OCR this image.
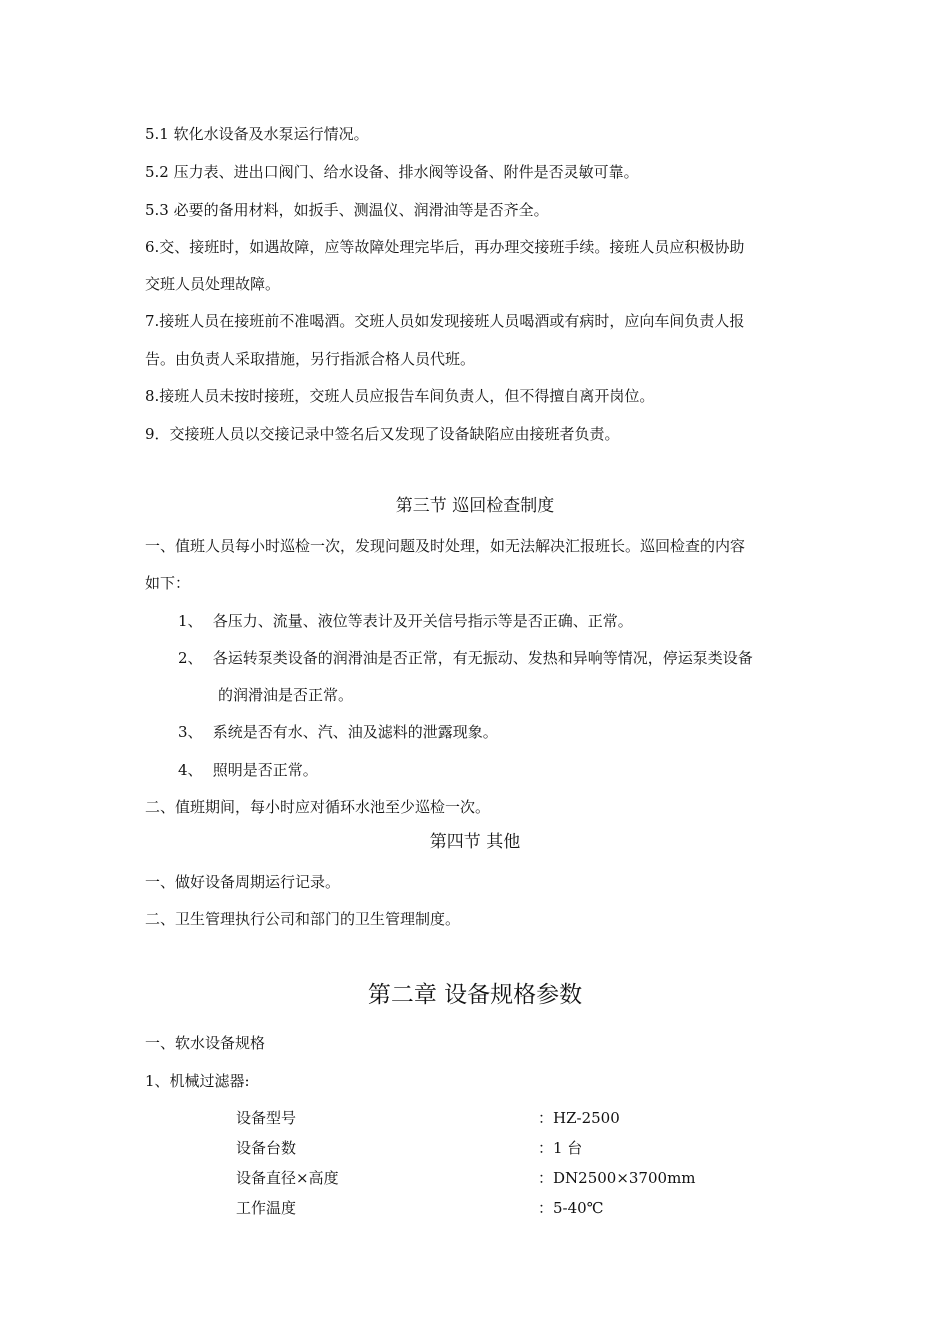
5.1 软化水设备及水泵运行情况。
5.2 压力表、进出口阀门、给水设备、排水阀等设备、附件是否灵敏可靠。
5.3 必要的备用材料，如扳手、测温仪、润滑油等是否齐全。
6.交、接班时，如遇故障，应等故障处理完毕后，再办理交接班手续。接班人员应积极协助
交班人员处理故障。
7.接班人员在接班前不准喝酒。交班人员如发现接班人员喝酒或有病时，应向车间负责人报
告。由负责人采取措施，另行指派合格人员代班。
8.接班人员未按时接班，交班人员应报告车间负责人，但不得擅自离开岗位。
9．交接班人员以交接记录中签名后又发现了设备缺陷应由接班者负责。
第三节 巡回检查制度
一、值班人员每小时巡检一次，发现问题及时处理，如无法解决汇报班长。巡回检查的内容
如下：
1、 各压力、流量、液位等表计及开关信号指示等是否正确、正常。
2、 各运转泵类设备的润滑油是否正常，有无振动、发热和异响等情况，停运泵类设备
的润滑油是否正常。
3、 系统是否有水、汽、油及滤料的泄露现象。
4、 照明是否正常。
二、值班期间，每小时应对循环水池至少巡检一次。
第四节 其他
一、做好设备周期运行记录。
二、卫生管理执行公司和部门的卫生管理制度。
第二章 设备规格参数
一、软水设备规格
1、机械过滤器:
设备型号	：HZ-2500
设备台数	：1 台
设备直径×高度	：DN2500×3700mm
工作温度	：5-40℃
